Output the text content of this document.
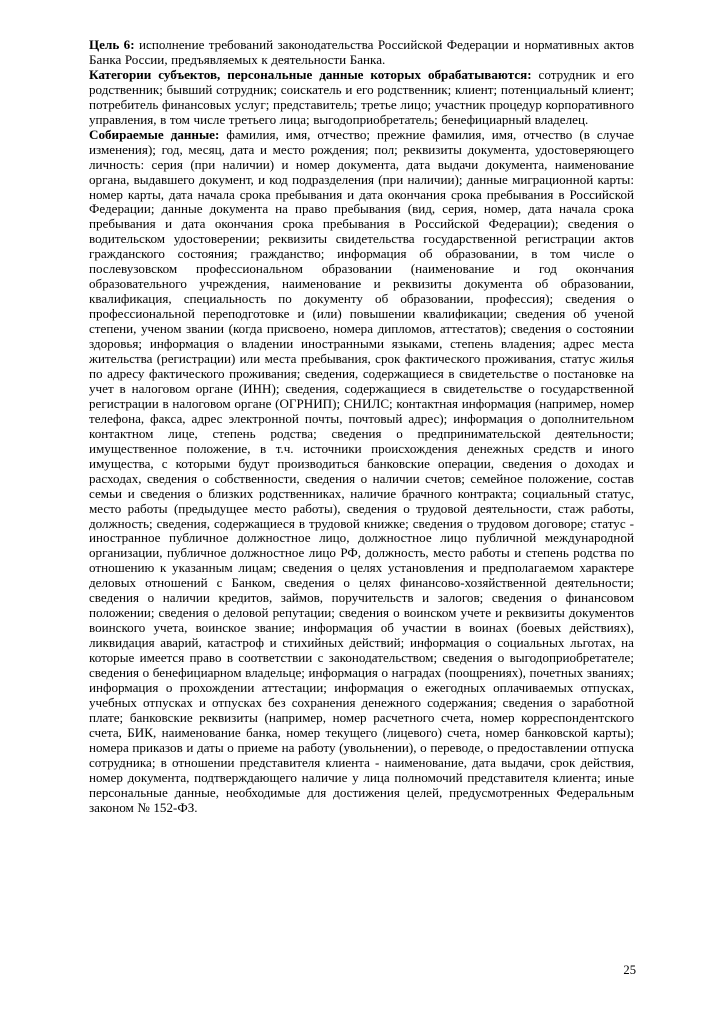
Цель 6: исполнение требований законодательства Российской Федерации и нормативных актов Банка России, предъявляемых к деятельности Банка.

Категории субъектов, персональные данные которых обрабатываются: сотрудник и его родственник; бывший сотрудник; соискатель и его родственник; клиент; потенциальный клиент; потребитель финансовых услуг; представитель; третье лицо; участник процедур корпоративного управления, в том числе третьего лица; выгодоприобретатель; бенефициарный владелец.

Собираемые данные: фамилия, имя, отчество; прежние фамилия, имя, отчество (в случае изменения); год, месяц, дата и место рождения; пол; реквизиты документа, удостоверяющего личность: серия (при наличии) и номер документа, дата выдачи документа, наименование органа, выдавшего документ, и код подразделения (при наличии); данные миграционной карты: номер карты, дата начала срока пребывания и дата окончания срока пребывания в Российской Федерации; данные документа на право пребывания (вид, серия, номер, дата начала срока пребывания и дата окончания срока пребывания в Российской Федерации); сведения о водительском удостоверении; реквизиты свидетельства государственной регистрации актов гражданского состояния; гражданство; информация об образовании, в том числе о послевузовском профессиональном образовании (наименование и год окончания образовательного учреждения, наименование и реквизиты документа об образовании, квалификация, специальность по документу об образовании, профессия); сведения о профессиональной переподготовке и (или) повышении квалификации; сведения об ученой степени, ученом звании (когда присвоено, номера дипломов, аттестатов); сведения о состоянии здоровья; информация о владении иностранными языками, степень владения; адрес места жительства (регистрации) или места пребывания, срок фактического проживания, статус жилья по адресу фактического проживания; сведения, содержащиеся в свидетельстве о постановке на учет в налоговом органе (ИНН); сведения, содержащиеся в свидетельстве о государственной регистрации в налоговом органе (ОГРНИП); СНИЛС; контактная информация (например, номер телефона, факса, адрес электронной почты, почтовый адрес); информация о дополнительном контактном лице, степень родства; сведения о предпринимательской деятельности; имущественное положение, в т.ч. источники происхождения денежных средств и иного имущества, с которыми будут производиться банковские операции, сведения о доходах и расходах, сведения о собственности, сведения о наличии счетов; семейное положение, состав семьи и сведения о близких родственниках, наличие брачного контракта; социальный статус, место работы (предыдущее место работы), сведения о трудовой деятельности, стаж работы, должность; сведения, содержащиеся в трудовой книжке; сведения о трудовом договоре; статус - иностранное публичное должностное лицо, должностное лицо публичной международной организации, публичное должностное лицо РФ, должность, место работы и степень родства по отношению к указанным лицам; сведения о целях установления и предполагаемом характере деловых отношений с Банком, сведения о целях финансово-хозяйственной деятельности; сведения о наличии кредитов, займов, поручительств и залогов; сведения о финансовом положении; сведения о деловой репутации; сведения о воинском учете и реквизиты документов воинского учета, воинское звание; информация об участии в воинах (боевых действиях), ликвидация аварий, катастроф и стихийных действий; информация о социальных льготах, на которые имеется право в соответствии с законодательством; сведения о выгодоприобретателе; сведения о бенефициарном владельце; информация о наградах (поощрениях), почетных званиях; информация о прохождении аттестации; информация о ежегодных оплачиваемых отпусках, учебных отпусках и отпусках без сохранения денежного содержания; сведения о заработной плате; банковские реквизиты (например, номер расчетного счета, номер корреспондентского счета, БИК, наименование банка, номер текущего (лицевого) счета, номер банковской карты); номера приказов и даты о приеме на работу (увольнении), о переводе, о предоставлении отпуска сотрудника; в отношении представителя клиента - наименование, дата выдачи, срок действия, номер документа, подтверждающего наличие у лица полномочий представителя клиента; иные персональные данные, необходимые для достижения целей, предусмотренных Федеральным законом № 152-ФЗ.

25
